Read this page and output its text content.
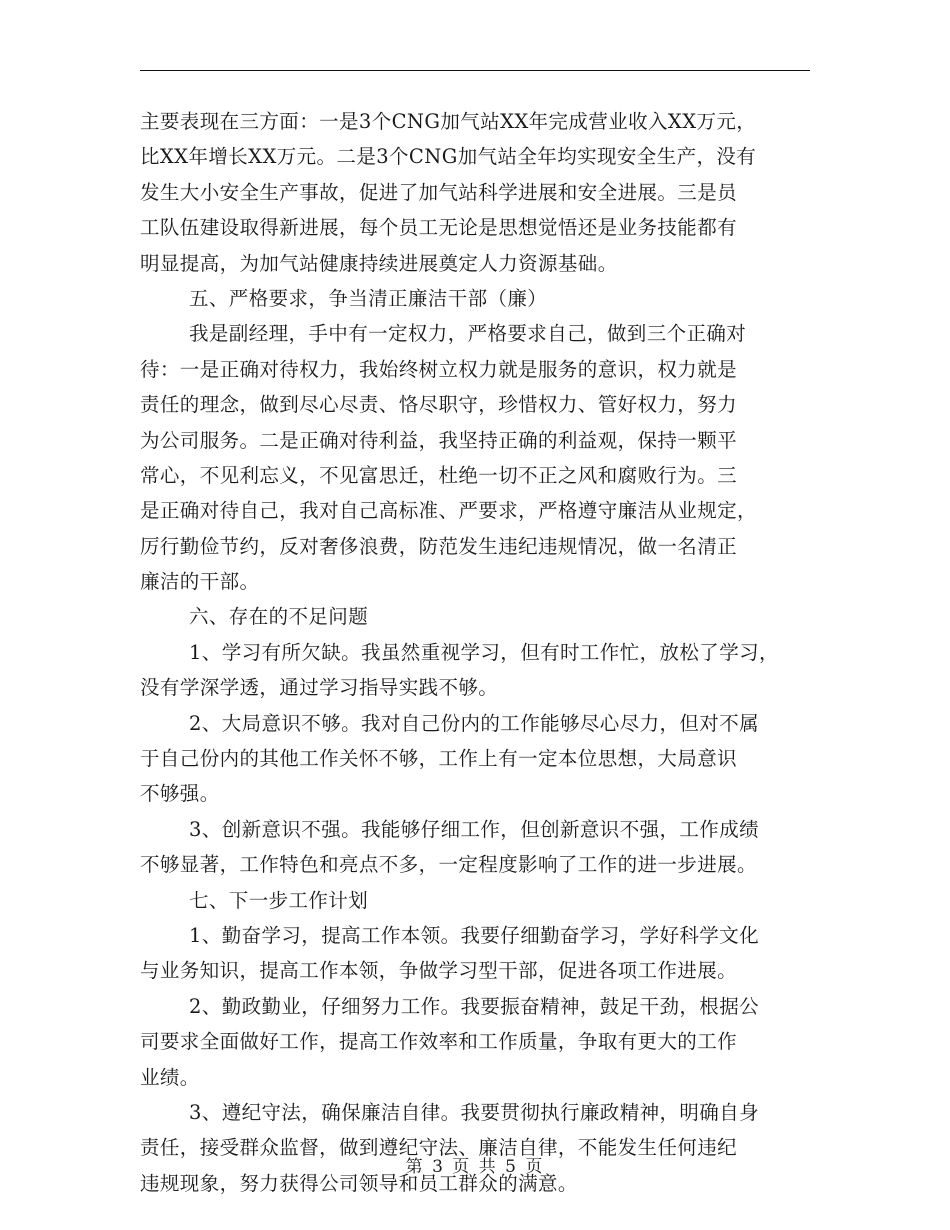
主要表现在三方面：一是3个CNG加气站XX年完成营业收入XX万元，
比XX年增长XX万元。二是3个CNG加气站全年均实现安全生产，没有
发生大小安全生产事故，促进了加气站科学进展和安全进展。三是员
工队伍建设取得新进展，每个员工无论是思想觉悟还是业务技能都有
明显提高，为加气站健康持续进展奠定人力资源基础。
五、严格要求，争当清正廉洁干部（廉）
我是副经理，手中有一定权力，严格要求自己，做到三个正确对
待：一是正确对待权力，我始终树立权力就是服务的意识，权力就是
责任的理念，做到尽心尽责、恪尽职守，珍惜权力、管好权力，努力
为公司服务。二是正确对待利益，我坚持正确的利益观，保持一颗平
常心，不见利忘义，不见富思迁，杜绝一切不正之风和腐败行为。三
是正确对待自己，我对自己高标准、严要求，严格遵守廉洁从业规定，
厉行勤俭节约，反对奢侈浪费，防范发生违纪违规情况，做一名清正
廉洁的干部。
六、存在的不足问题
1、学习有所欠缺。我虽然重视学习，但有时工作忙，放松了学习，
没有学深学透，通过学习指导实践不够。
2、大局意识不够。我对自己份内的工作能够尽心尽力，但对不属
于自己份内的其他工作关怀不够，工作上有一定本位思想，大局意识
不够强。
3、创新意识不强。我能够仔细工作，但创新意识不强，工作成绩
不够显著，工作特色和亮点不多，一定程度影响了工作的进一步进展。
七、下一步工作计划
1、勤奋学习，提高工作本领。我要仔细勤奋学习，学好科学文化
与业务知识，提高工作本领，争做学习型干部，促进各项工作进展。
2、勤政勤业，仔细努力工作。我要振奋精神，鼓足干劲，根据公
司要求全面做好工作，提高工作效率和工作质量，争取有更大的工作
业绩。
3、遵纪守法，确保廉洁自律。我要贯彻执行廉政精神，明确自身
责任，接受群众监督，做到遵纪守法、廉洁自律，不能发生任何违纪
违规现象，努力获得公司领导和员工群众的满意。
第 3 页 共 5 页
